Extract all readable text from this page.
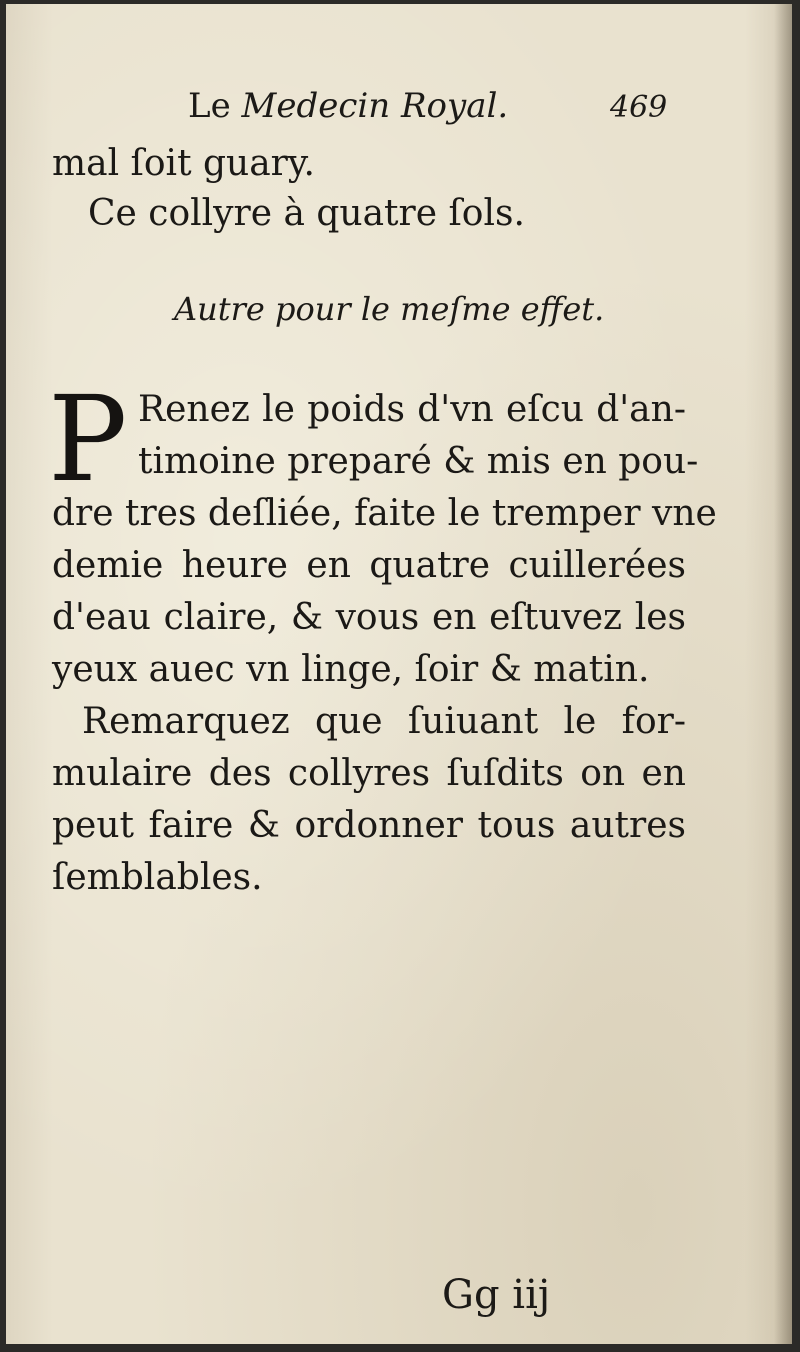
Le Medecin Royal.	469
mal ſoit guary.
Ce collyre à quatre ſols.
Autre pour le meſme effet.
P Renez le poids d'vn eſcu d'an-
timoine preparé & mis en pou-
dre tres deſliée, faite le tremper vne
demie heure en quatre cuillerées
d'eau claire, & vous en eſtuvez les
yeux auec vn linge, ſoir & matin.
Remarquez que ſuiuant le for-
mulaire des collyres ſuſdits on en
peut faire & ordonner tous autres
ſemblables.

Gg iij
